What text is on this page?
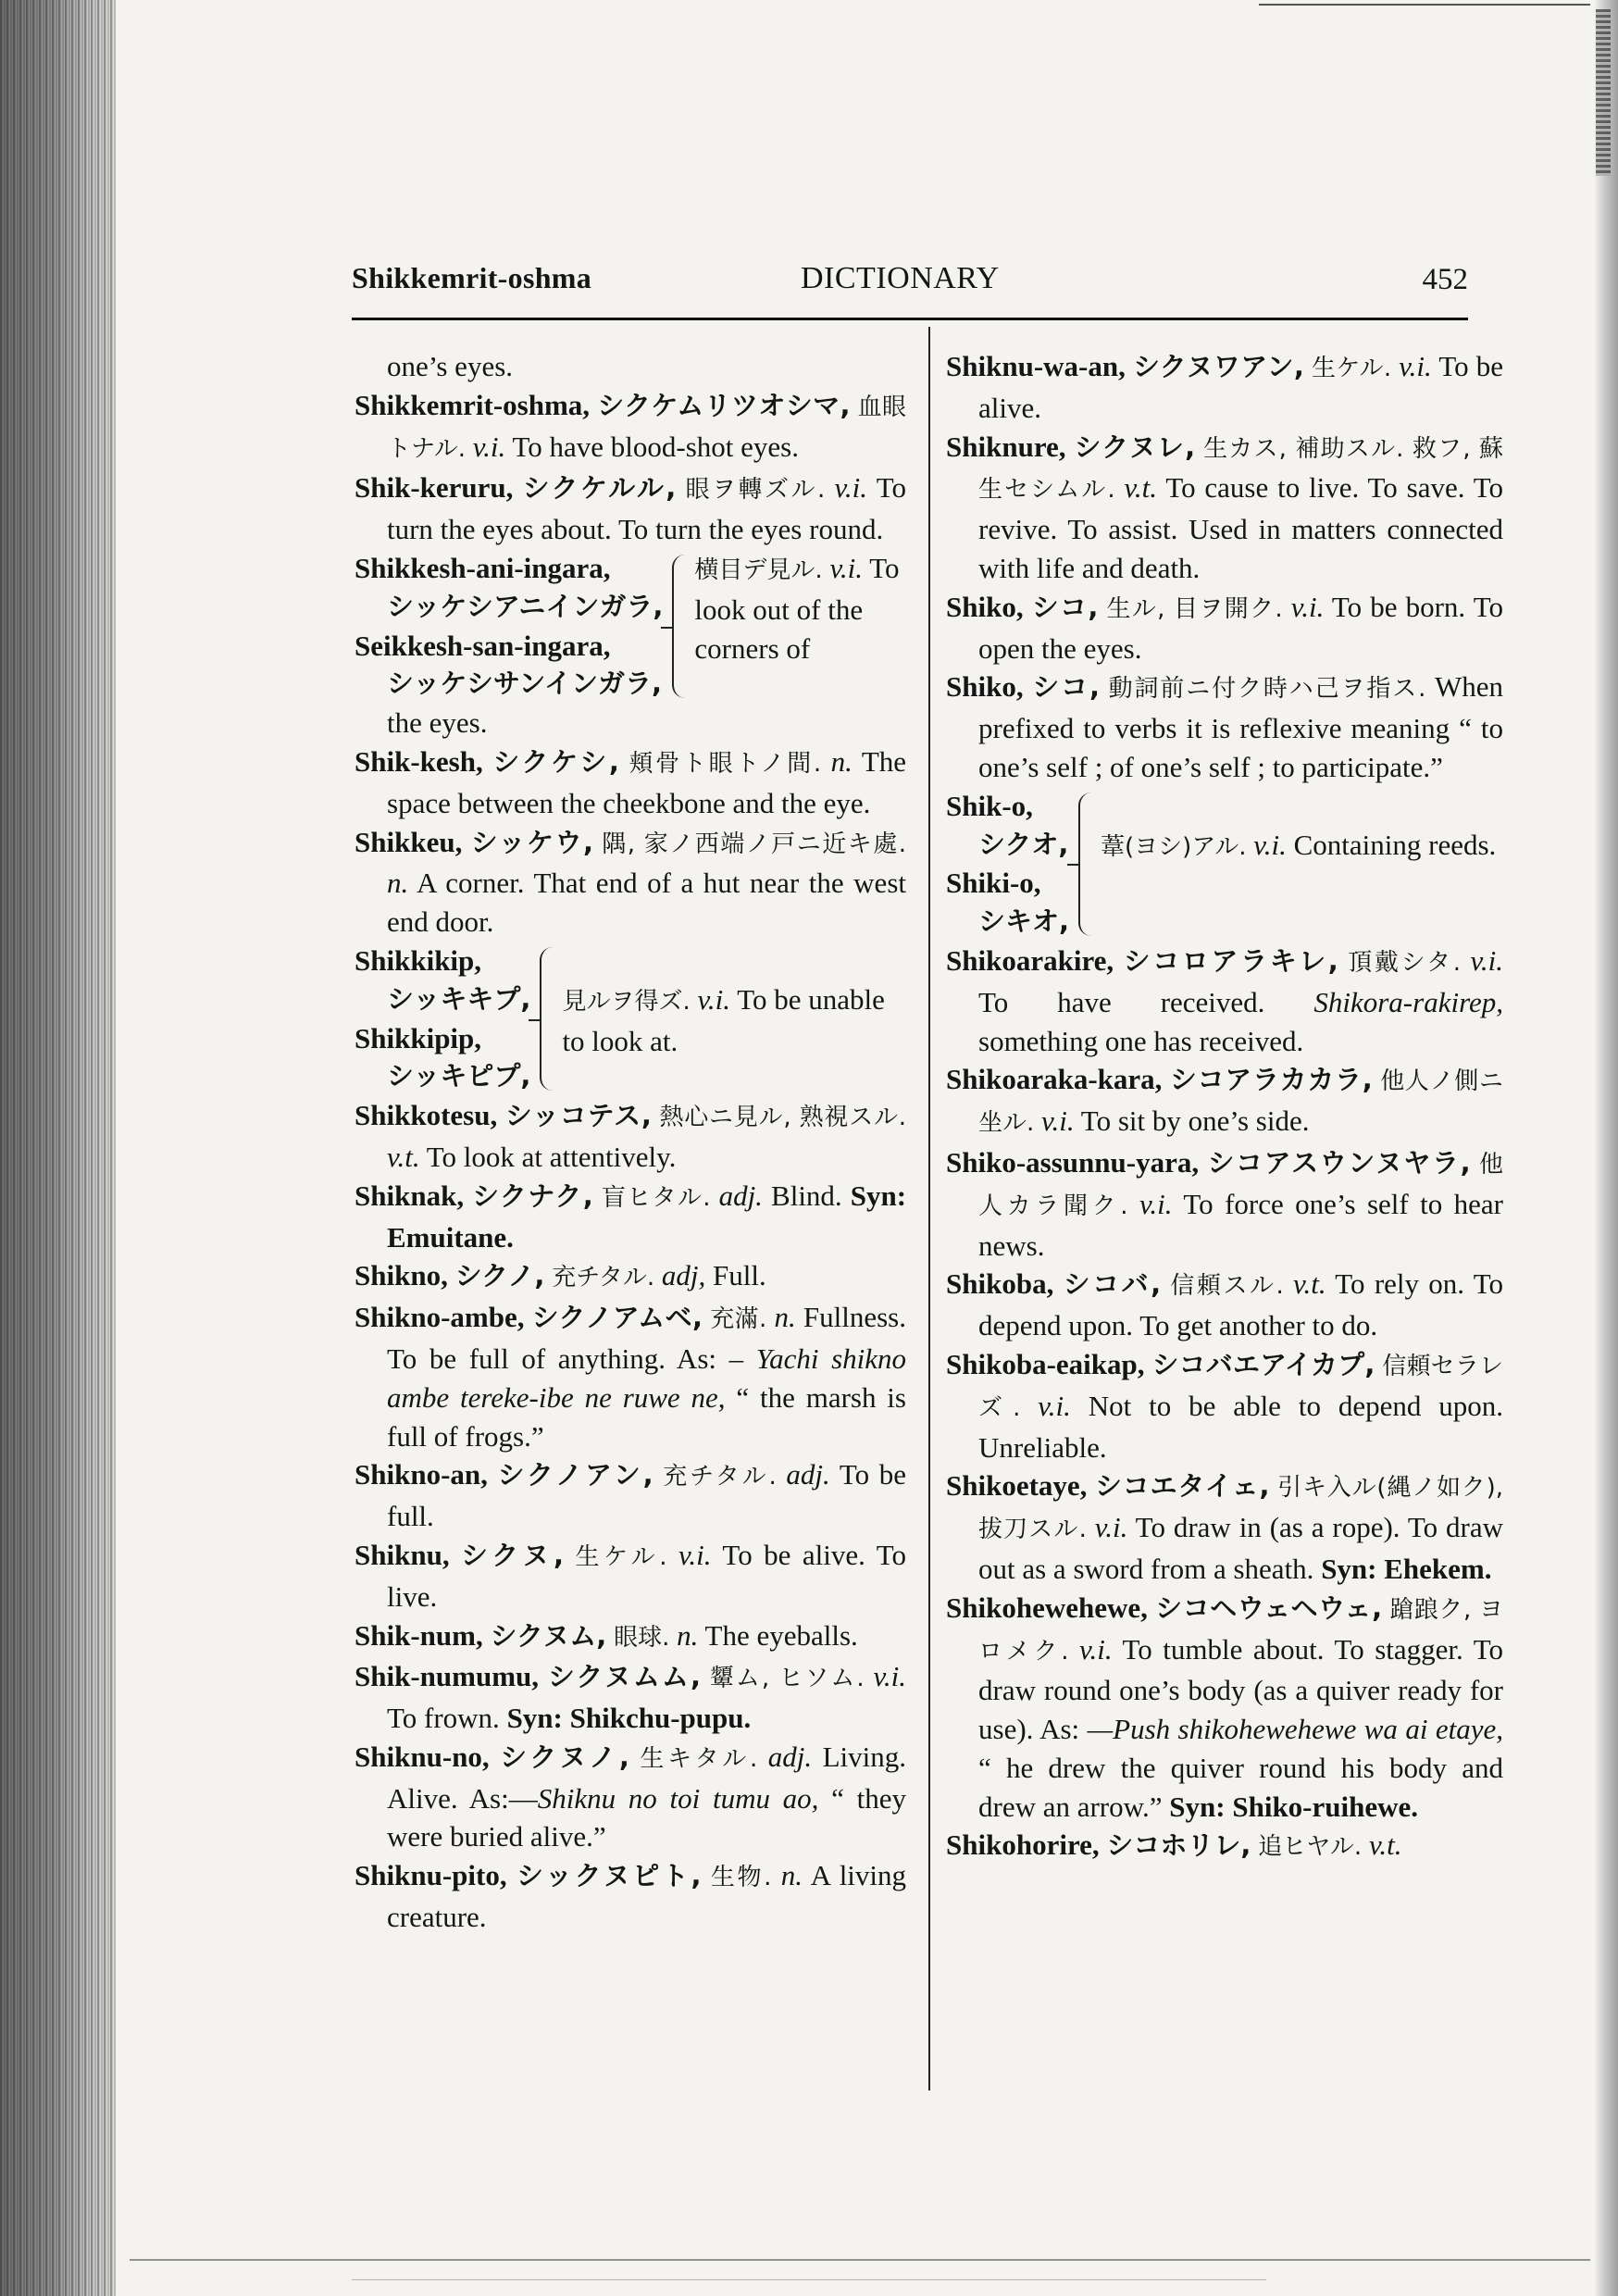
Shikkemrit-oshma	DICTIONARY	452

one’s eyes.

Shikkemrit-oshma, シクケムリツオシマ, 血眼トナル. v.i. To have blood-shot eyes.

Shik-keruru, シクケルル, 眼ヲ轉ズル. v.i. To turn the eyes about. To turn the eyes round.

Shikkesh-ani-ingara,
シッケシアニインガラ,
Seikkesh-san-ingara,
シッケシサンインガラ,
横目デ見ル. v.i. To look out of the corners of

the eyes.

Shik-kesh, シクケシ, 頬骨ト眼トノ間. n. The space between the cheekbone and the eye.

Shikkeu, シッケウ, 隅, 家ノ西端ノ戸ニ近キ處. n. A corner. That end of a hut near the west end door.

Shikkikip,
シッキキプ,
Shikkipip,
シッキピプ,
見ルヲ得ズ. v.i. To be unable to look at.

Shikkotesu, シッコテス, 熱心ニ見ル, 熟視スル. v.t. To look at attentively.

Shiknak, シクナク, 盲ヒタル. adj. Blind. Syn: Emuitane.

Shikno, シクノ, 充チタル. adj, Full.

Shikno-ambe, シクノアムベ, 充滿. n. Fullness. To be full of anything. As: – Yachi shikno ambe tereke-ibe ne ruwe ne, “ the marsh is full of frogs.”

Shikno-an, シクノアン, 充チタル. adj. To be full.

Shiknu, シクヌ, 生ケル. v.i. To be alive. To live.

Shik-num, シクヌム, 眼球. n. The eyeballs.

Shik-numumu, シクヌムム, 顰ム, ヒソム. v.i. To frown. Syn: Shikchu-pupu.

Shiknu-no, シクヌノ, 生キタル. adj. Living. Alive. As:—Shiknu no toi tumu ao, “ they were buried alive.”

Shiknu-pito, シックヌピト, 生物. n. A living creature.

Shiknu-wa-an, シクヌワアン, 生ケル. v.i. To be alive.

Shiknure, シクヌレ, 生カス, 補助スル. 救フ, 蘇生セシムル. v.t. To cause to live. To save. To revive. To assist. Used in matters connected with life and death.

Shiko, シコ, 生ル, 目ヲ開ク. v.i. To be born. To open the eyes.

Shiko, シコ, 動詞前ニ付ク時ハ己ヲ指ス. When prefixed to verbs it is reflexive meaning “ to one’s self ; of one’s self ; to participate.”

Shik-o,
シクオ,
Shiki-o,
シキオ,
葦(ヨシ)アル. v.i. Containing reeds.

Shikoarakire, シコロアラキレ, 頂戴シタ. v.i. To have received. Shikora-rakirep, something one has received.

Shikoaraka-kara, シコアラカカラ, 他人ノ側ニ坐ル. v.i. To sit by one’s side.

Shiko-assunnu-yara, シコアスウンヌヤラ, 他人カラ聞ク. v.i. To force one’s self to hear news.

Shikoba, シコバ, 信頼スル. v.t. To rely on. To depend upon. To get another to do.

Shikoba-eaikap, シコバエアイカプ, 信頼セラレズ. v.i. Not to be able to depend upon. Unreliable.

Shikoetaye, シコエタイェ, 引キ入ル(縄ノ如ク), 拔刀スル. v.i. To draw in (as a rope). To draw out as a sword from a sheath. Syn: Ehekem.

Shikohewehewe, シコヘウェヘウェ, 蹌踉ク, ヨロメク. v.i. To tumble about. To stagger. To draw round one’s body (as a quiver ready for use). As: —Push shikohewehewe wa ai etaye, “ he drew the quiver round his body and drew an arrow.” Syn: Shiko-ruihewe.

Shikohorire, シコホリレ, 追ヒヤル. v.t.
